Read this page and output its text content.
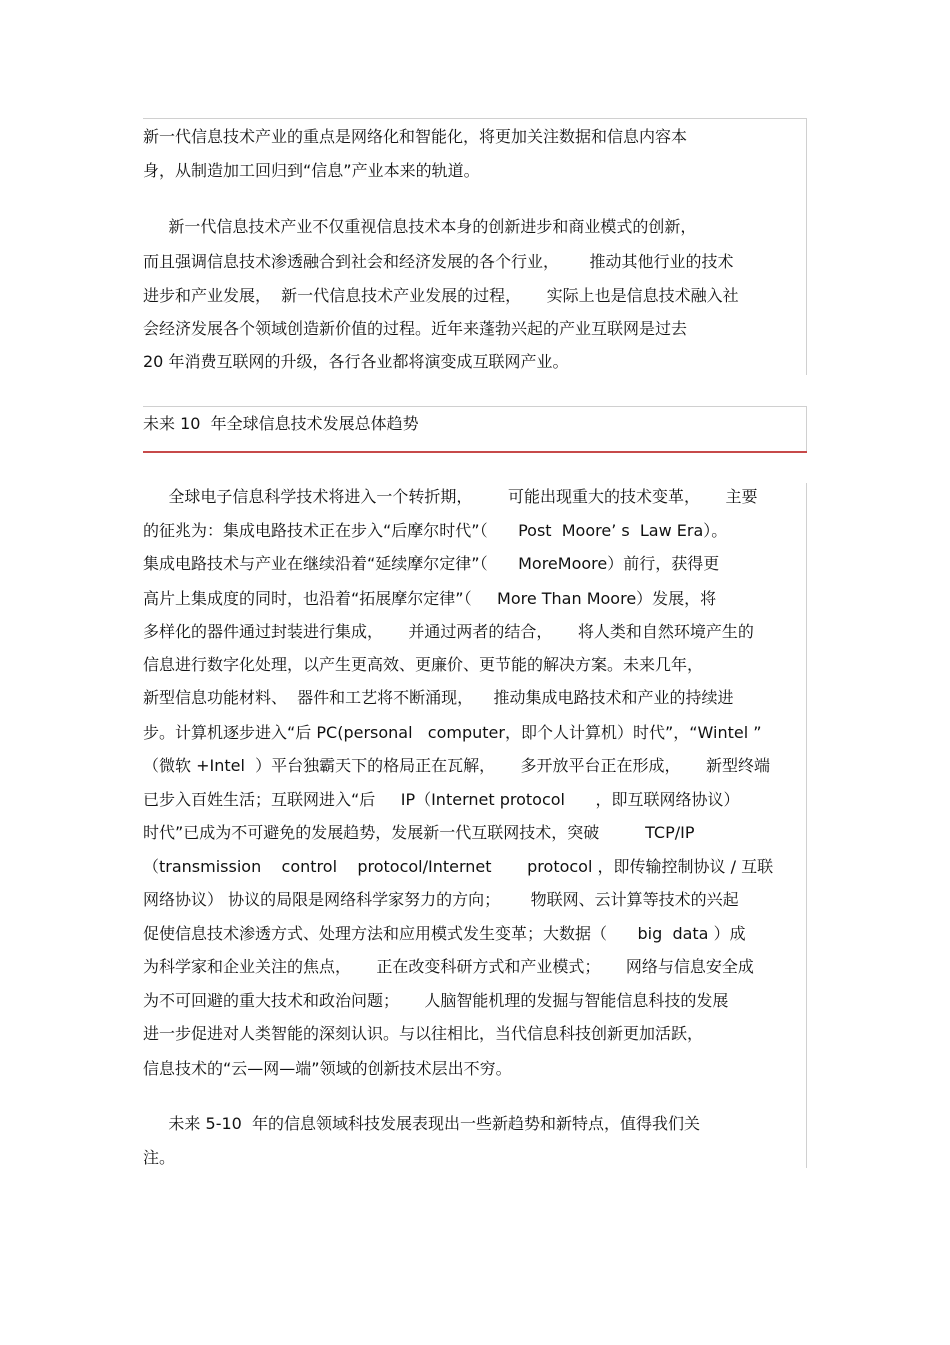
新一代信息技术产业的重点是网络化和智能化，将更加关注数据和信息内容本
身，从制造加工回归到“信息”产业本来的轨道。
新一代信息技术产业不仅重视信息技术本身的创新进步和商业模式的创新，
而且强调信息技术渗透融合到社会和经济发展的各个行业，      推动其他行业的技术
进步和产业发展，  新一代信息技术产业发展的过程，     实际上也是信息技术融入社
会经济发展各个领域创造新价值的过程。近年来蓬勃兴起的产业互联网是过去
20 年消费互联网的升级，各行各业都将演变成互联网产业。
未来 10  年全球信息技术发展总体趋势
全球电子信息科学技术将进入一个转折期，       可能出现重大的技术变革，     主要
的征兆为：集成电路技术正在步入“后摩尔时代”（      Post  Moore’ s  Law Era）。
集成电路技术与产业在继续沿着“延续摩尔定律”（      MoreMoore）前行，获得更
高片上集成度的同时，也沿着“拓展摩尔定律”（     More Than Moore）发展，将
多样化的器件通过封装进行集成，     并通过两者的结合，     将人类和自然环境产生的
信息进行数字化处理，以产生更高效、更廉价、更节能的解决方案。未来几年，
新型信息功能材料、  器件和工艺将不断涌现，    推动集成电路技术和产业的持续进
步。计算机逐步进入“后 PC(personal   computer，即个人计算机）时代”，“Wintel ”
（微软 +Intel  ）平台独霸天下的格局正在瓦解，     多开放平台正在形成，     新型终端
已步入百姓生活；互联网进入“后     IP（Internet protocol      ，即互联网络协议）
时代”已成为不可避免的发展趋势，发展新一代互联网技术，突破         TCP/IP
（transmission    control    protocol/Internet       protocol ，即传输控制协议 / 互联
网络协议） 协议的局限是网络科学家努力的方向；      物联网、云计算等技术的兴起
促使信息技术渗透方式、处理方法和应用模式发生变革；大数据（      big  data ）成
为科学家和企业关注的焦点，     正在改变科研方式和产业模式；     网络与信息安全成
为不可回避的重大技术和政治问题；     人脑智能机理的发掘与智能信息科技的发展
进一步促进对人类智能的深刻认识。与以往相比，当代信息科技创新更加活跃，
信息技术的“云—网—端”领域的创新技术层出不穷。
未来 5-10  年的信息领域科技发展表现出一些新趋势和新特点，值得我们关
注。
